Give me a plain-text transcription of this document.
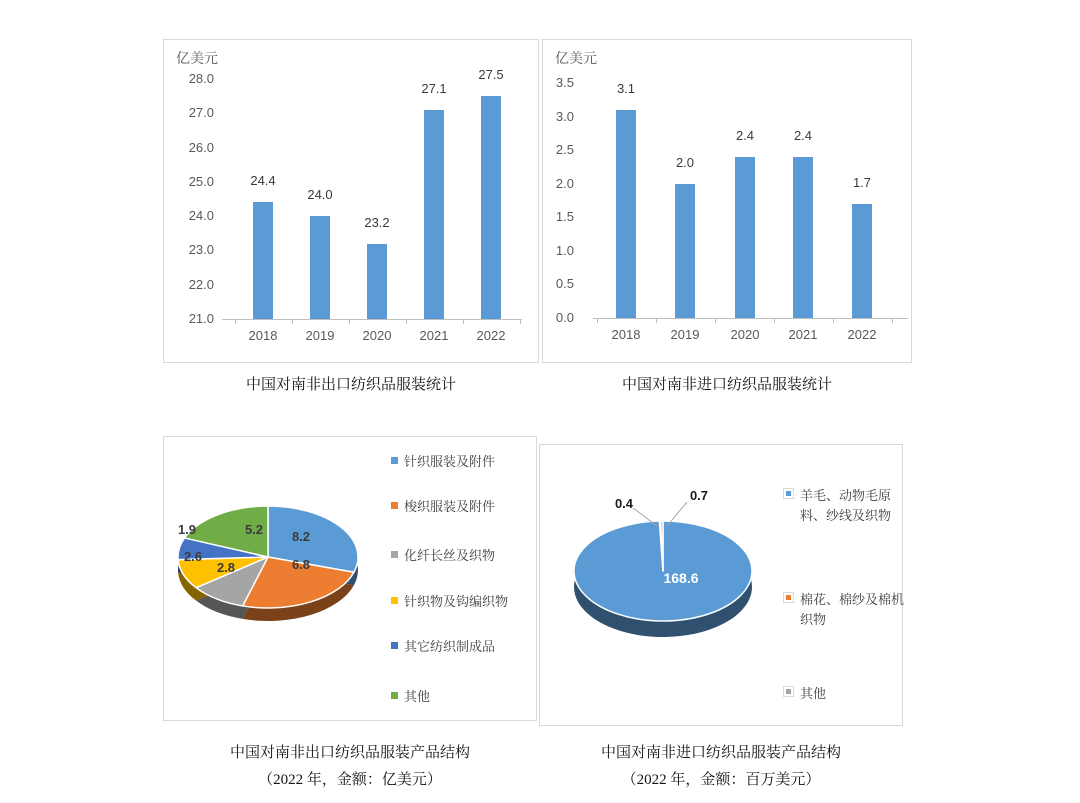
亿美元
28.0
27.0
26.0
25.0
24.0
23.0
22.0
21.0
24.4
2018
24.0
2019
23.2
2020
27.1
2021
27.5
2022
亿美元
3.5
3.0
2.5
2.0
1.5
1.0
0.5
0.0
3.1
2018
2.0
2019
2.4
2020
2.4
2021
1.7
2022
中国对南非出口纺织品服装统计	中国对南非进口纺织品服装统计
8.2
6.8
2.8
2.6
1.9	5.2
针织服装及附件
梭织服装及附件
化纤长丝及织物
针织物及钩编织物
其它纺织制成品
其他
168.6
0.4
0.7	羊毛、动物毛原料、纱线及织物
棉花、棉纱及棉机织物
其他
中国对南非出口纺织品服装产品结构
（2022 年，金额：亿美元）
中国对南非进口纺织品服装产品结构
（2022 年，金额：百万美元）
